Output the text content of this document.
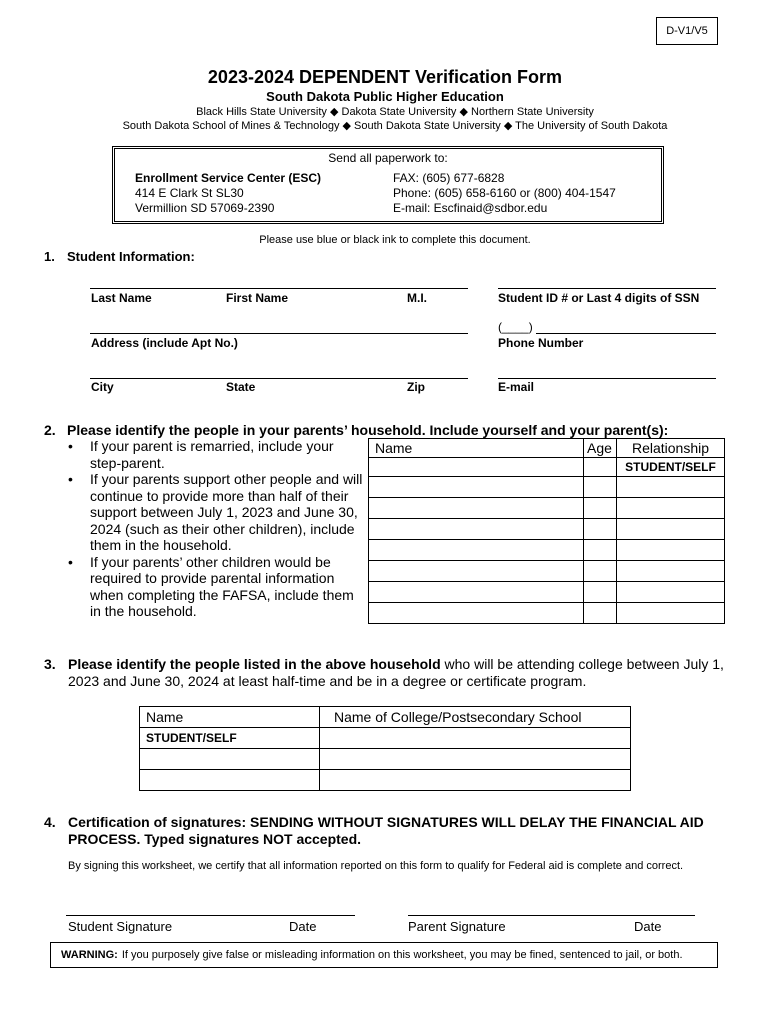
D-V1/V5
2023-2024 DEPENDENT Verification Form
South Dakota Public Higher Education
Black Hills State University ◆ Dakota State University ◆ Northern State University
South Dakota School of Mines & Technology ◆ South Dakota State University ◆ The University of South Dakota
Send all paperwork to:
Enrollment Service Center (ESC)
414 E Clark St SL30
Vermillion SD 57069-2390
FAX: (605) 677-6828
Phone: (605) 658-6160 or (800) 404-1547
E-mail: Escfinaid@sdbor.edu
Please use blue or black ink to complete this document.
1. Student Information:
Last Name	First Name	M.I.	Student ID # or Last 4 digits of SSN
(____)
Address (include Apt No.)	Phone Number
City	State	Zip	E-mail
2. Please identify the people in your parents’ household. Include yourself and your parent(s):
• If your parent is remarried, include your step-parent.
• If your parents support other people and will continue to provide more than half of their support between July 1, 2023 and June 30, 2024 (such as their other children), include them in the household.
• If your parents’ other children would be required to provide parental information when completing the FAFSA, include them in the household.
Name	Age	Relationship
		STUDENT/SELF

3. Please identify the people listed in the above household who will be attending college between July 1, 2023 and June 30, 2024 at least half-time and be in a degree or certificate program.
Name	Name of College/Postsecondary School
STUDENT/SELF	

4. Certification of signatures: SENDING WITHOUT SIGNATURES WILL DELAY THE FINANCIAL AID PROCESS. Typed signatures NOT accepted.
By signing this worksheet, we certify that all information reported on this form to qualify for Federal aid is complete and correct.
Student Signature	Date	Parent Signature	Date
WARNING: If you purposely give false or misleading information on this worksheet, you may be fined, sentenced to jail, or both.
